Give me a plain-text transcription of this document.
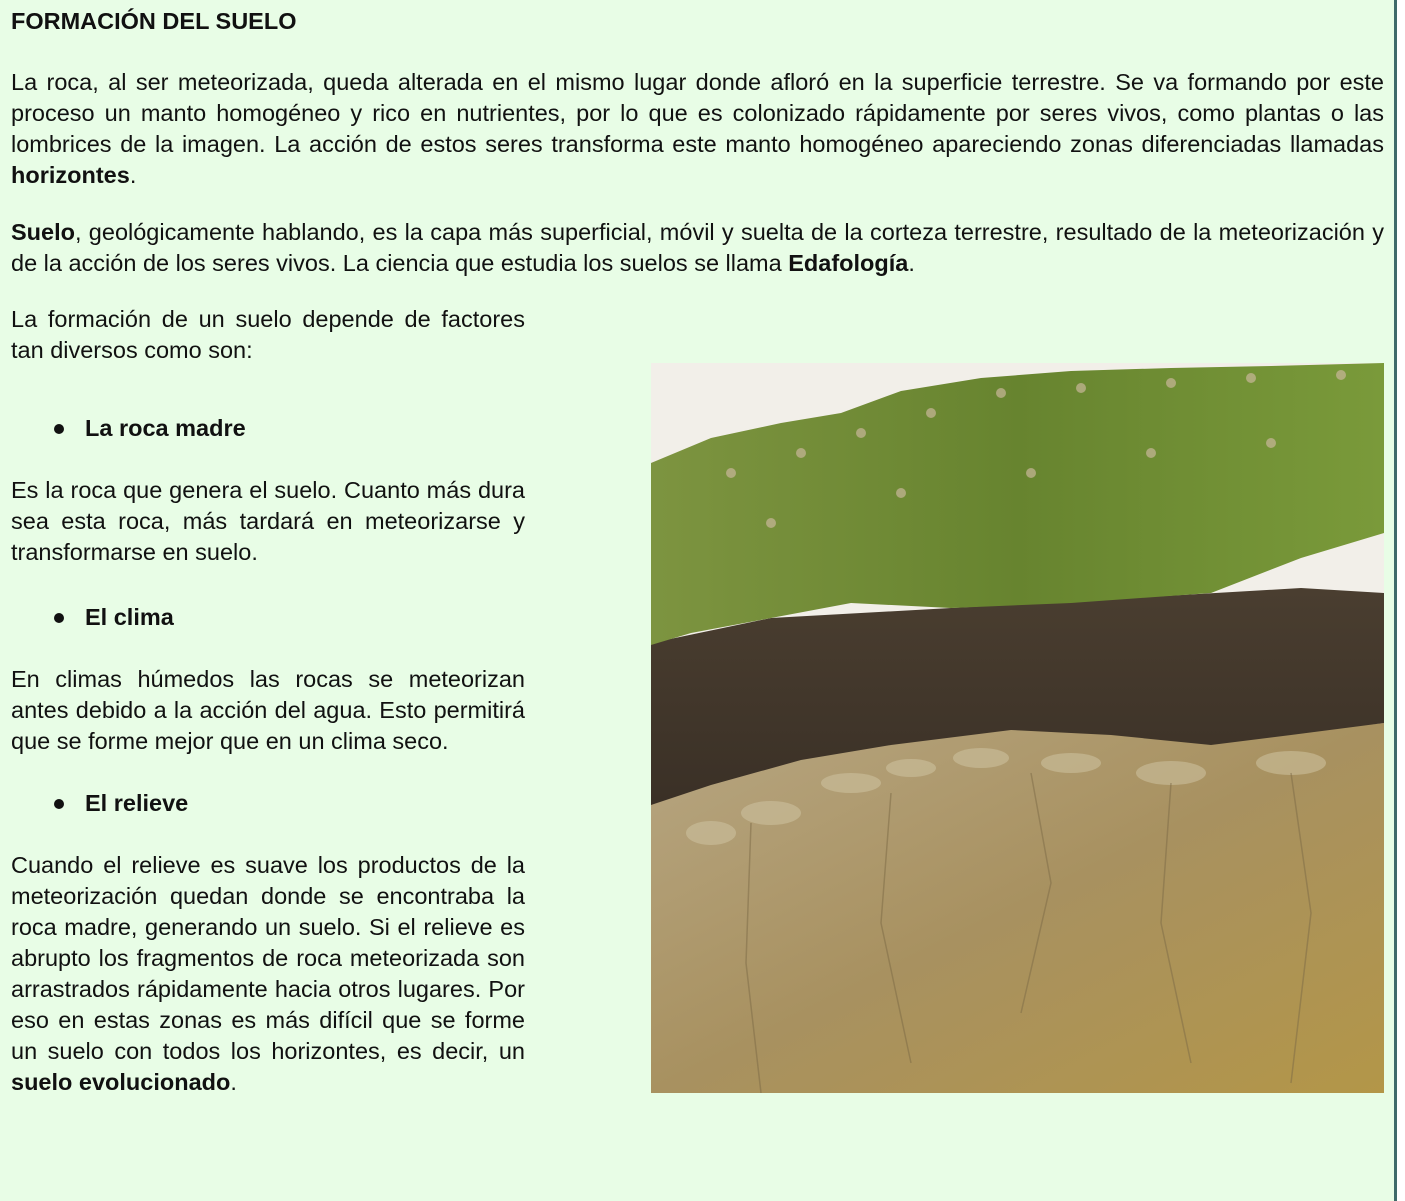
FORMACIÓN DEL SUELO

La roca, al ser meteorizada, queda alterada en el mismo lugar donde afloró en la superficie terrestre. Se va formando por este proceso un manto homogéneo y rico en nutrientes, por lo que es colonizado rápidamente por seres vivos, como plantas o las lombrices de la imagen. La acción de estos seres transforma este manto homogéneo apareciendo zonas diferenciadas llamadas horizontes.

Suelo, geológicamente hablando, es la capa más superficial, móvil y suelta de la corteza terrestre, resultado de la meteorización y de la acción de los seres vivos. La ciencia que estudia los suelos se llama Edafología.

La formación de un suelo depende de factores tan diversos como son:

La roca madre

Es la roca que genera el suelo. Cuanto más dura sea esta roca, más tardará en meteorizarse y transformarse en suelo.

El clima

En climas húmedos las rocas se meteorizan antes debido a la acción del agua. Esto permitirá que se forme mejor que en un clima seco.

El relieve

Cuando el relieve es suave los productos de la meteorización quedan donde se encontraba la roca madre, generando un suelo. Si el relieve es abrupto los fragmentos de roca meteorizada son arrastrados rápidamente hacia otros lugares. Por eso en estas zonas es más difícil que se forme un suelo con todos los horizontes, es decir, un suelo evolucionado.
